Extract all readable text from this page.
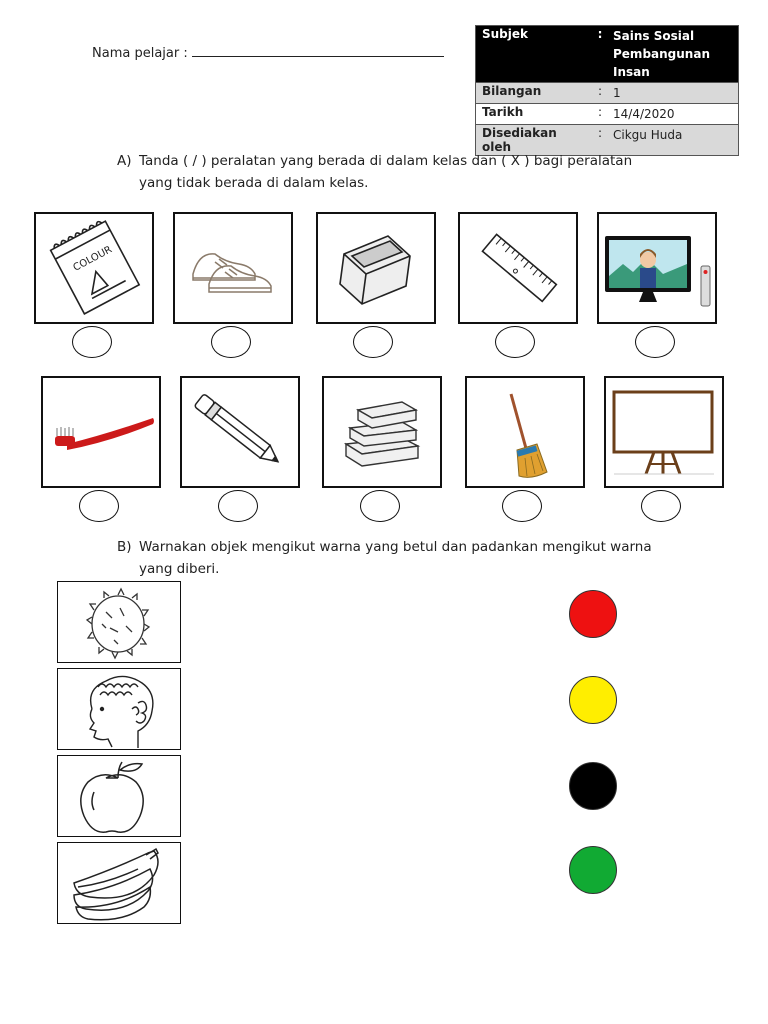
Nama pelajar :
Subjek	:	Sains Sosial Pembangunan Insan
Bilangan	:	1
Tarikh	:	14/4/2020
Disediakan oleh	:	Cikgu Huda
A) Tanda ( / ) peralatan yang berada di dalam kelas dan ( X ) bagi peralatan
yang tidak berada di dalam kelas.
COLOUR
B) Warnakan objek mengikut warna yang betul dan padankan mengikut warna
yang diberi.
